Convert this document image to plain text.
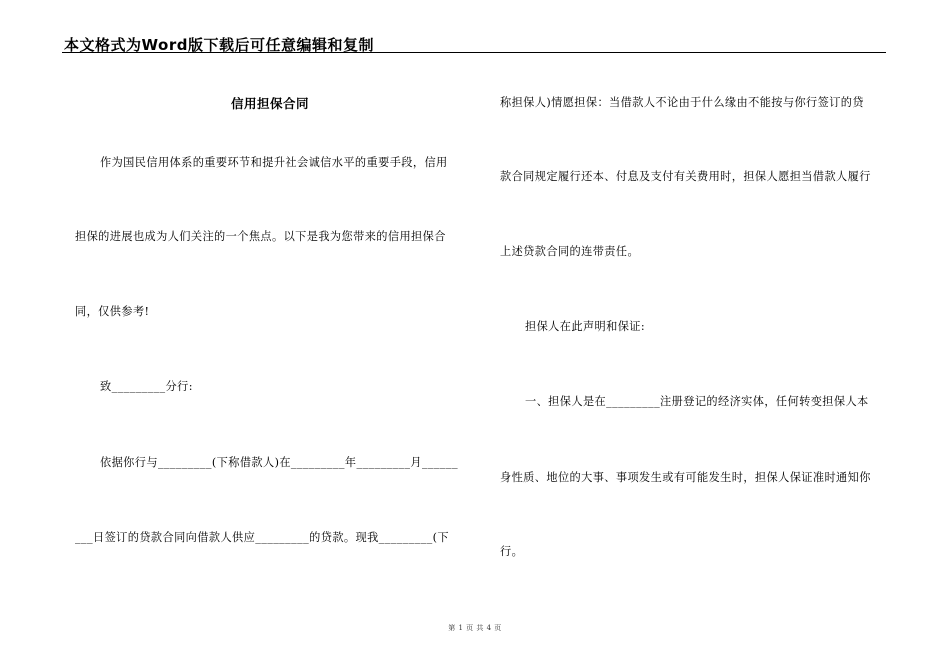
本文格式为Word版下载后可任意编辑和复制
信用担保合同
作为国民信用体系的重要环节和提升社会诚信水平的重要手段，信用
担保的进展也成为人们关注的一个焦点。以下是我为您带来的信用担保合
同，仅供参考!
致_________分行:
依据你行与_________(下称借款人)在_________年_________月______
___日签订的贷款合同向借款人供应_________的贷款。现我_________(下
称担保人)情愿担保：当借款人不论由于什么缘由不能按与你行签订的贷
款合同规定履行还本、付息及支付有关费用时，担保人愿担当借款人履行
上述贷款合同的连带责任。
担保人在此声明和保证:
一、担保人是在_________注册登记的经济实体，任何转变担保人本
身性质、地位的大事、事项发生或有可能发生时，担保人保证准时通知你
行。
第 1 页 共 4 页
